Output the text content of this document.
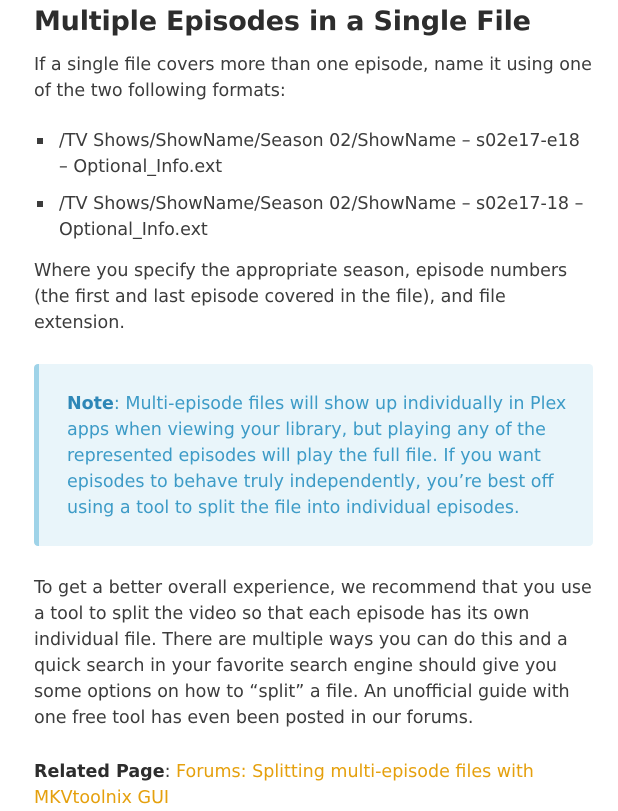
Multiple Episodes in a Single File

If a single file covers more than one episode, name it using one of the two following formats:

/TV Shows/ShowName/Season 02/ShowName – s02e17-e18 – Optional_Info.ext
/TV Shows/ShowName/Season 02/ShowName – s02e17-18 – Optional_Info.ext

Where you specify the appropriate season, episode numbers (the first and last episode covered in the file), and file extension.

Note: Multi-episode files will show up individually in Plex apps when viewing your library, but playing any of the represented episodes will play the full file. If you want episodes to behave truly independently, you’re best off using a tool to split the file into individual episodes.

To get a better overall experience, we recommend that you use a tool to split the video so that each episode has its own individual file. There are multiple ways you can do this and a quick search in your favorite search engine should give you some options on how to “split” a file. An unofficial guide with one free tool has even been posted in our forums.

Related Page: Forums: Splitting multi-episode files with MKVtoolnix GUI
